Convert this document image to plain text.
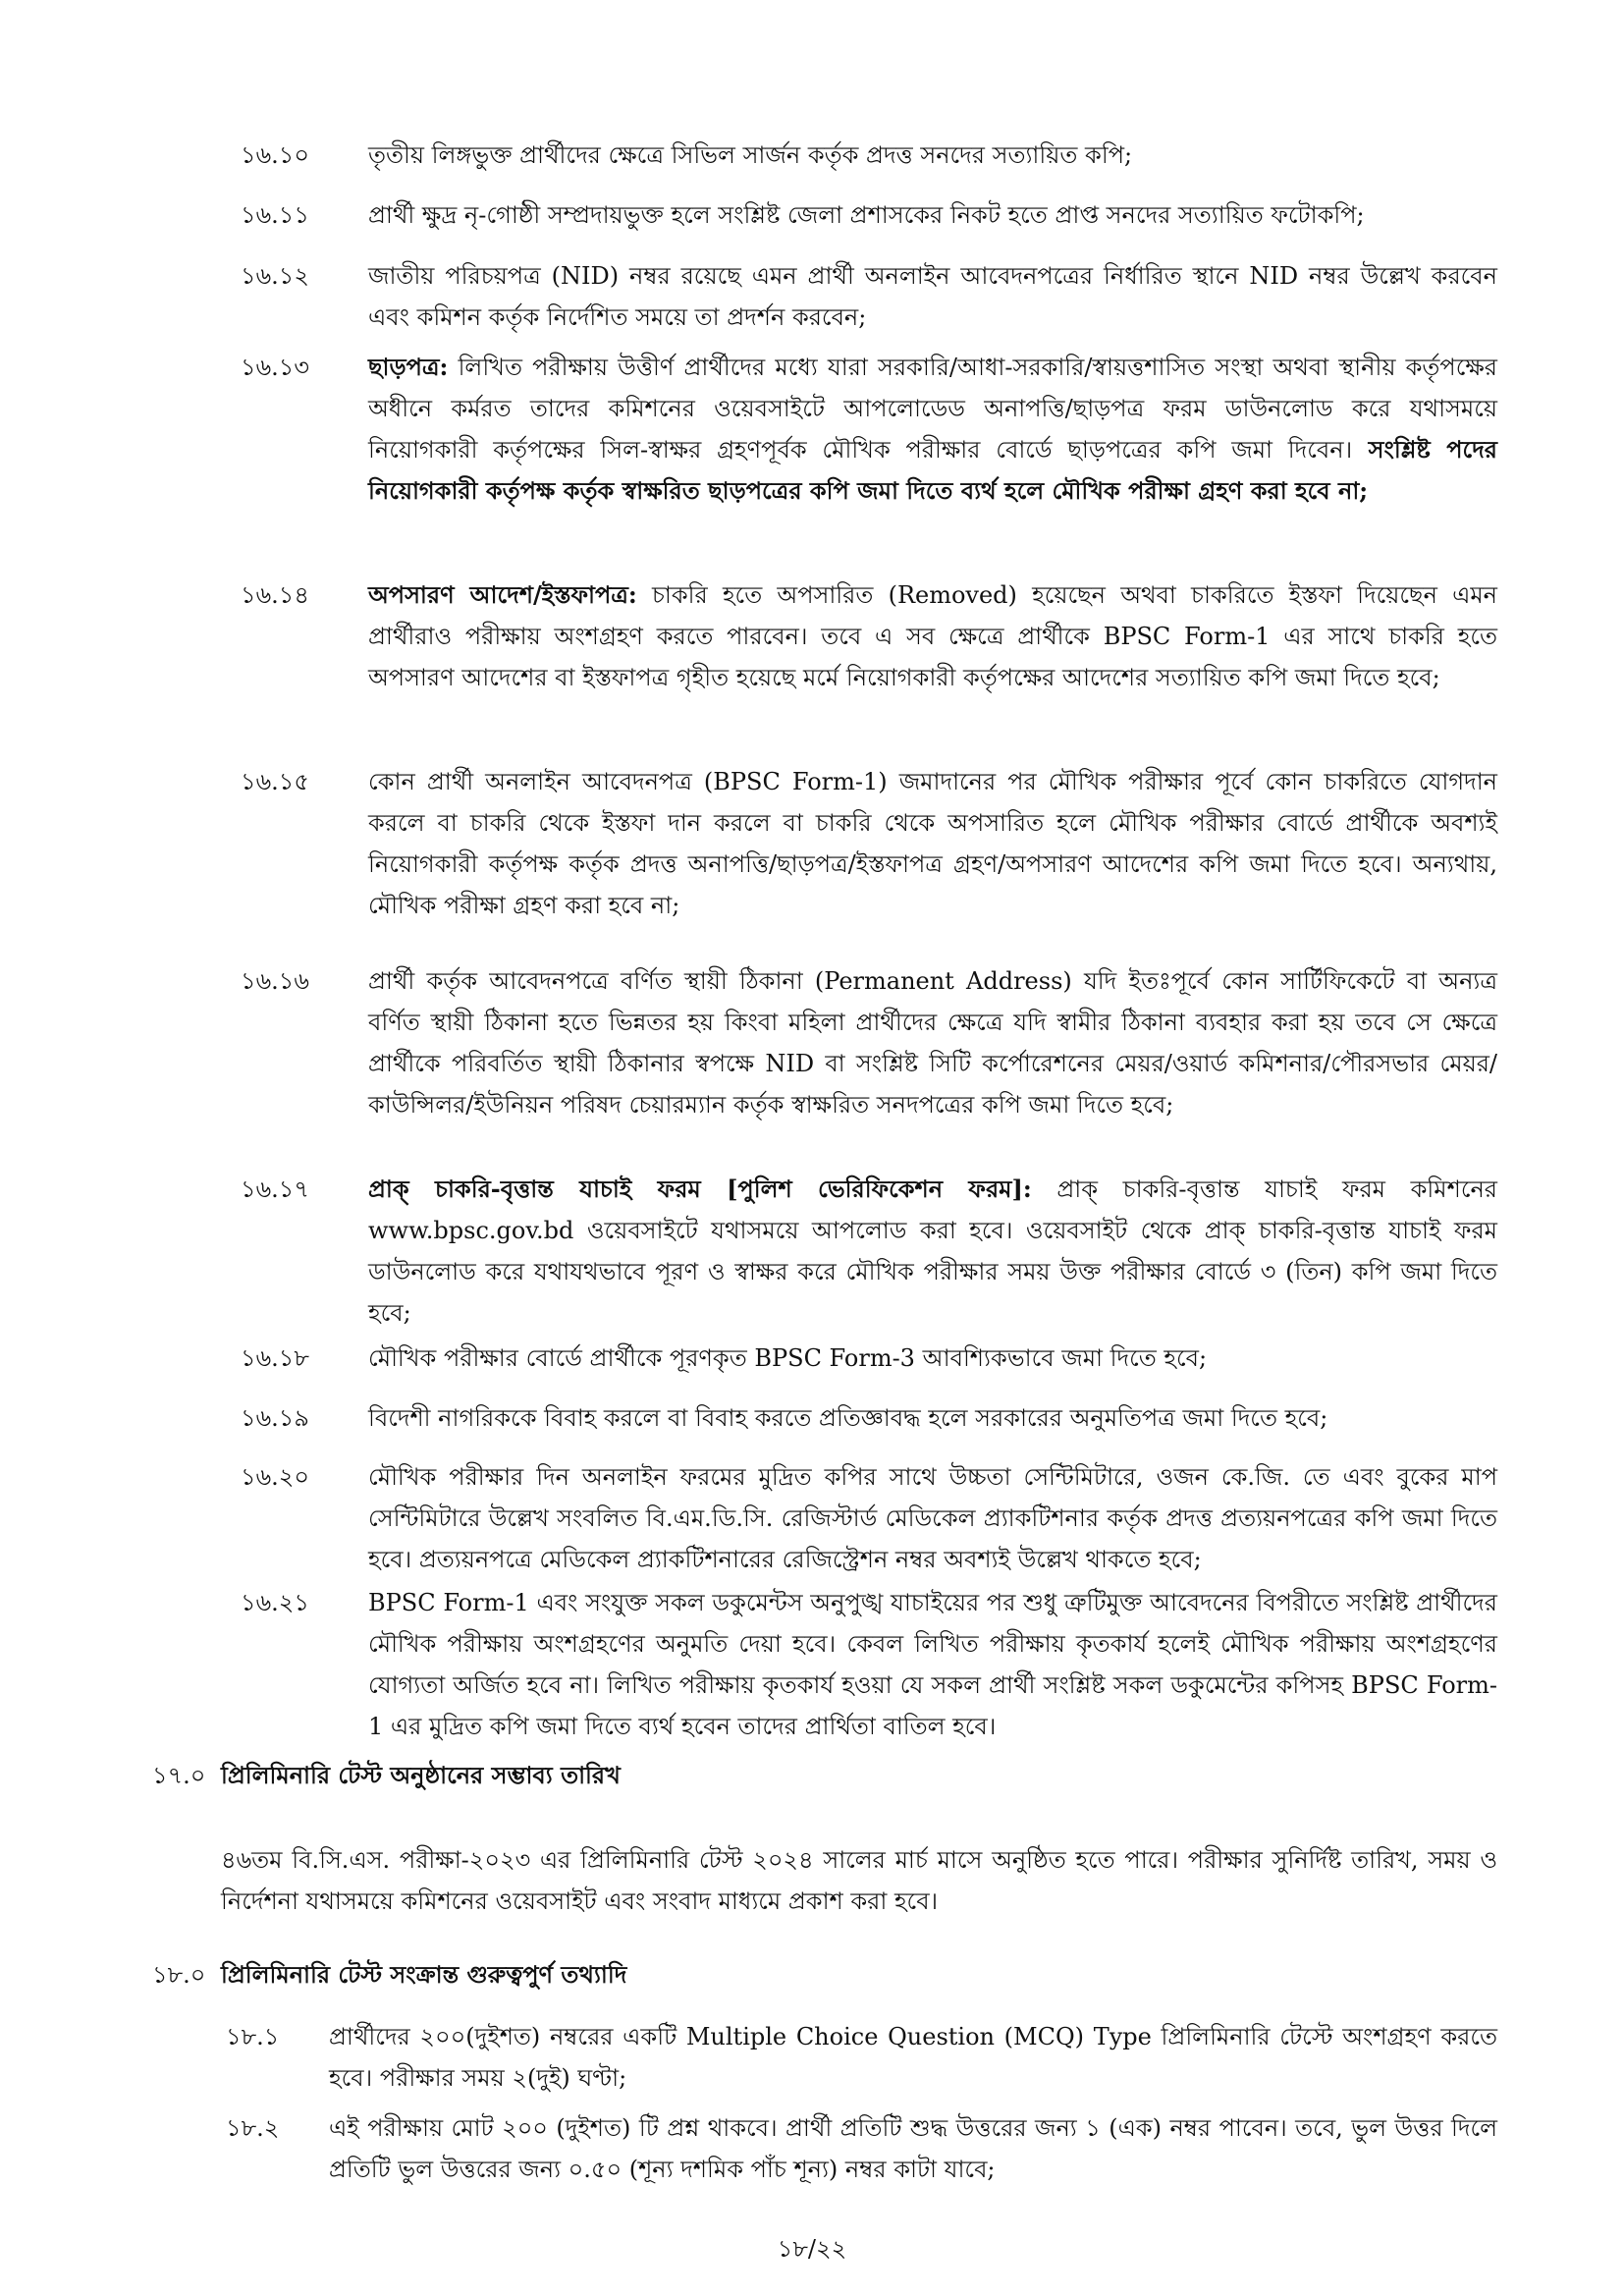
১৬.১০	তৃতীয় লিঙ্গভুক্ত প্রার্থীদের ক্ষেত্রে সিভিল সার্জন কর্তৃক প্রদত্ত সনদের সত্যায়িত কপি;
১৬.১১	প্রার্থী ক্ষুদ্র নৃ-গোষ্ঠী সম্প্রদায়ভুক্ত হলে সংশ্লিষ্ট জেলা প্রশাসকের নিকট হতে প্রাপ্ত সনদের সত্যায়িত ফটোকপি;
১৬.১২	জাতীয় পরিচয়পত্র (NID) নম্বর রয়েছে এমন প্রার্থী অনলাইন আবেদনপত্রের নির্ধারিত স্থানে NID নম্বর উল্লেখ করবেন এবং কমিশন কর্তৃক নির্দেশিত সময়ে তা প্রদর্শন করবেন;
১৬.১৩	ছাড়পত্র: লিখিত পরীক্ষায় উত্তীর্ণ প্রার্থীদের মধ্যে যারা সরকারি/আধা-সরকারি/স্বায়ত্তশাসিত সংস্থা অথবা স্থানীয় কর্তৃপক্ষের অধীনে কর্মরত তাদের কমিশনের ওয়েবসাইটে আপলোডেড অনাপত্তি/ছাড়পত্র ফরম ডাউনলোড করে যথাসময়ে নিয়োগকারী কর্তৃপক্ষের সিল-স্বাক্ষর গ্রহণপূর্বক মৌখিক পরীক্ষার বোর্ডে ছাড়পত্রের কপি জমা দিবেন। সংশ্লিষ্ট পদের নিয়োগকারী কর্তৃপক্ষ কর্তৃক স্বাক্ষরিত ছাড়পত্রের কপি জমা দিতে ব্যর্থ হলে মৌখিক পরীক্ষা গ্রহণ করা হবে না;
১৬.১৪	অপসারণ আদেশ/ইস্তফাপত্র: চাকরি হতে অপসারিত (Removed) হয়েছেন অথবা চাকরিতে ইস্তফা দিয়েছেন এমন প্রার্থীরাও পরীক্ষায় অংশগ্রহণ করতে পারবেন। তবে এ সব ক্ষেত্রে প্রার্থীকে BPSC Form-1 এর সাথে চাকরি হতে অপসারণ আদেশের বা ইস্তফাপত্র গৃহীত হয়েছে মর্মে নিয়োগকারী কর্তৃপক্ষের আদেশের সত্যায়িত কপি জমা দিতে হবে;
১৬.১৫	কোন প্রার্থী অনলাইন আবেদনপত্র (BPSC Form-1) জমাদানের পর মৌখিক পরীক্ষার পূর্বে কোন চাকরিতে যোগদান করলে বা চাকরি থেকে ইস্তফা দান করলে বা চাকরি থেকে অপসারিত হলে মৌখিক পরীক্ষার বোর্ডে প্রার্থীকে অবশ্যই নিয়োগকারী কর্তৃপক্ষ কর্তৃক প্রদত্ত অনাপত্তি/ছাড়পত্র/ইস্তফাপত্র গ্রহণ/অপসারণ আদেশের কপি জমা দিতে হবে। অন্যথায়, মৌখিক পরীক্ষা গ্রহণ করা হবে না;
১৬.১৬	প্রার্থী কর্তৃক আবেদনপত্রে বর্ণিত স্থায়ী ঠিকানা (Permanent Address) যদি ইতঃপূর্বে কোন সার্টিফিকেটে বা অন্যত্র বর্ণিত স্থায়ী ঠিকানা হতে ভিন্নতর হয় কিংবা মহিলা প্রার্থীদের ক্ষেত্রে যদি স্বামীর ঠিকানা ব্যবহার করা হয় তবে সে ক্ষেত্রে প্রার্থীকে পরিবর্তিত স্থায়ী ঠিকানার স্বপক্ষে NID বা সংশ্লিষ্ট সিটি কর্পোরেশনের মেয়র/ওয়ার্ড কমিশনার/পৌরসভার মেয়র/কাউন্সিলর/ইউনিয়ন পরিষদ চেয়ারম্যান কর্তৃক স্বাক্ষরিত সনদপত্রের কপি জমা দিতে হবে;
১৬.১৭	প্রাক্ চাকরি-বৃত্তান্ত যাচাই ফরম [পুলিশ ভেরিফিকেশন ফরম]: প্রাক্ চাকরি-বৃত্তান্ত যাচাই ফরম কমিশনের www.bpsc.gov.bd ওয়েবসাইটে যথাসময়ে আপলোড করা হবে। ওয়েবসাইট থেকে প্রাক্ চাকরি-বৃত্তান্ত যাচাই ফরম ডাউনলোড করে যথাযথভাবে পূরণ ও স্বাক্ষর করে মৌখিক পরীক্ষার সময় উক্ত পরীক্ষার বোর্ডে ৩ (তিন) কপি জমা দিতে হবে;
১৬.১৮	মৌখিক পরীক্ষার বোর্ডে প্রার্থীকে পূরণকৃত BPSC Form-3 আবশ্যিকভাবে জমা দিতে হবে;
১৬.১৯	বিদেশী নাগরিককে বিবাহ করলে বা বিবাহ করতে প্রতিজ্ঞাবদ্ধ হলে সরকারের অনুমতিপত্র জমা দিতে হবে;
১৬.২০	মৌখিক পরীক্ষার দিন অনলাইন ফরমের মুদ্রিত কপির সাথে উচ্চতা সেন্টিমিটারে, ওজন কে.জি. তে এবং বুকের মাপ সেন্টিমিটারে উল্লেখ সংবলিত বি.এম.ডি.সি. রেজিস্টার্ড মেডিকেল প্র্যাকটিশনার কর্তৃক প্রদত্ত প্রত্যয়নপত্রের কপি জমা দিতে হবে। প্রত্যয়নপত্রে মেডিকেল প্র্যাকটিশনারের রেজিস্ট্রেশন নম্বর অবশ্যই উল্লেখ থাকতে হবে;
১৬.২১	BPSC Form-1 এবং সংযুক্ত সকল ডকুমেন্টস অনুপুঙ্খ যাচাইয়ের পর শুধু ত্রুটিমুক্ত আবেদনের বিপরীতে সংশ্লিষ্ট প্রার্থীদের মৌখিক পরীক্ষায় অংশগ্রহণের অনুমতি দেয়া হবে। কেবল লিখিত পরীক্ষায় কৃতকার্য হলেই মৌখিক পরীক্ষায় অংশগ্রহণের যোগ্যতা অর্জিত হবে না। লিখিত পরীক্ষায় কৃতকার্য হওয়া যে সকল প্রার্থী সংশ্লিষ্ট সকল ডকুমেন্টের কপিসহ BPSC Form-1 এর মুদ্রিত কপি জমা দিতে ব্যর্থ হবেন তাদের প্রার্থিতা বাতিল হবে।
১৭.০ প্রিলিমিনারি টেস্ট অনুষ্ঠানের সম্ভাব্য তারিখ
৪৬তম বি.সি.এস. পরীক্ষা-২০২৩ এর প্রিলিমিনারি টেস্ট ২০২৪ সালের মার্চ মাসে অনুষ্ঠিত হতে পারে। পরীক্ষার সুনির্দিষ্ট তারিখ, সময় ও নির্দেশনা যথাসময়ে কমিশনের ওয়েবসাইট এবং সংবাদ মাধ্যমে প্রকাশ করা হবে।
১৮.০ প্রিলিমিনারি টেস্ট সংক্রান্ত গুরুত্বপুর্ণ তথ্যাদি
১৮.১	প্রার্থীদের ২০০(দুইশত) নম্বরের একটি Multiple Choice Question (MCQ) Type প্রিলিমিনারি টেস্টে অংশগ্রহণ করতে হবে। পরীক্ষার সময় ২(দুই) ঘণ্টা;
১৮.২	এই পরীক্ষায় মোট ২০০ (দুইশত) টি প্রশ্ন থাকবে। প্রার্থী প্রতিটি শুদ্ধ উত্তরের জন্য ১ (এক) নম্বর পাবেন। তবে, ভুল উত্তর দিলে প্রতিটি ভুল উত্তরের জন্য ০.৫০ (শূন্য দশমিক পাঁচ শূন্য) নম্বর কাটা যাবে;
১৮/২২
